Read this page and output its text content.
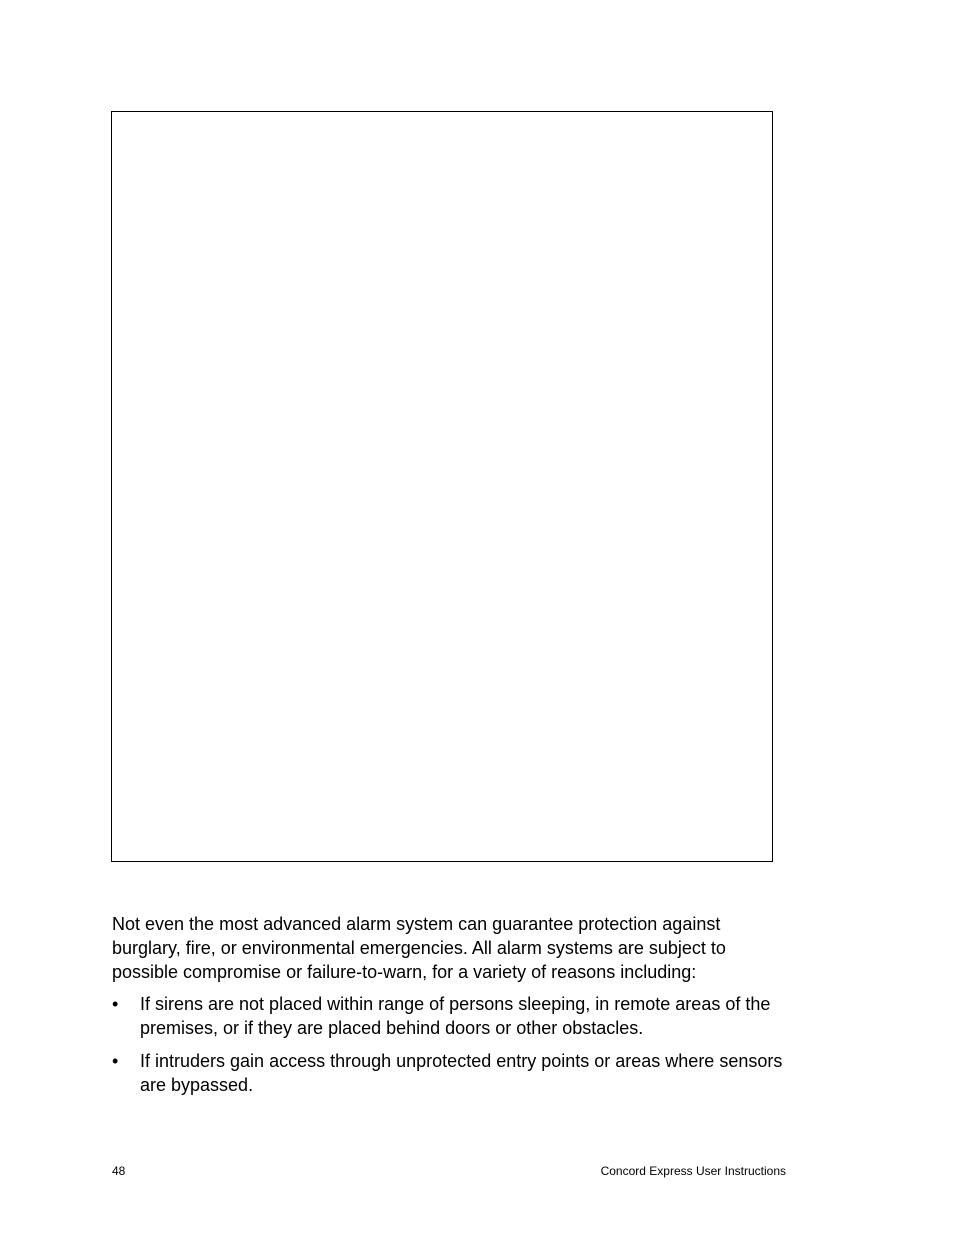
Not even the most advanced alarm system can guarantee protection against burglary, fire, or environmental emergencies. All alarm systems are subject to possible compromise or failure-to-warn, for a variety of reasons including:

•	If sirens are not placed within range of persons sleeping, in remote areas of the premises, or if they are placed behind doors or other obstacles.
•	If intruders gain access through unprotected entry points or areas where sensors are bypassed.
48	Concord Express User Instructions
